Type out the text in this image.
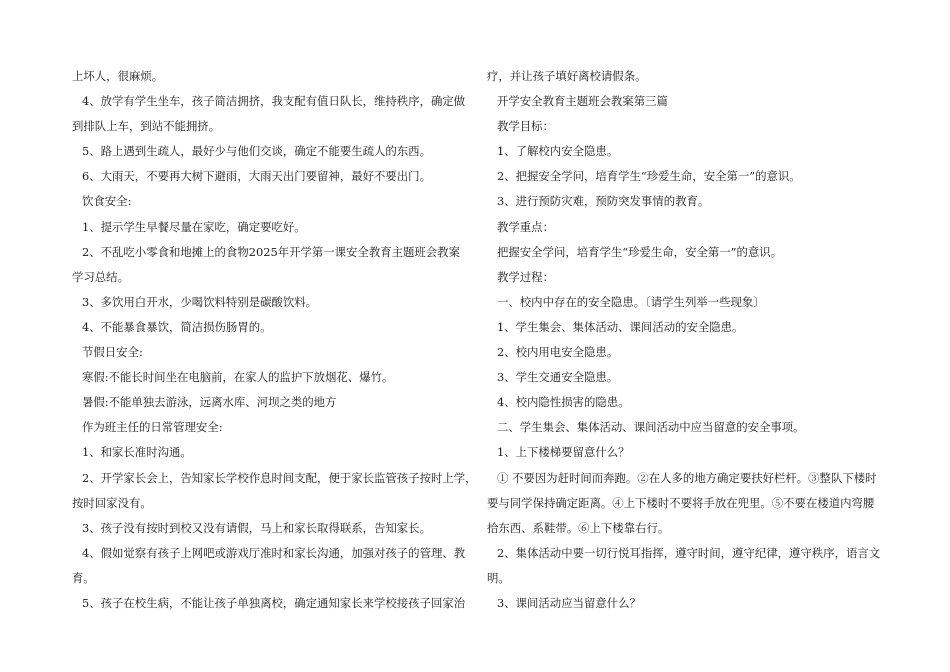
上坏人，很麻烦。
4、放学有学生坐车，孩子简洁拥挤，我支配有值日队长，维持秩序，确定做
到排队上车，到站不能拥挤。
5、路上遇到生疏人，最好少与他们交谈，确定不能要生疏人的东西。
6、大雨天，不要再大树下避雨，大雨天出门要留神，最好不要出门。
饮食安全:
1、提示学生早餐尽量在家吃，确定要吃好。
2、不乱吃小零食和地摊上的食物2025年开学第一课安全教育主题班会教案
学习总结。
3、多饮用白开水，少喝饮料特别是碳酸饮料。
4、不能暴食暴饮，简洁损伤肠胃的。
节假日安全:
寒假:不能长时间坐在电脑前，在家人的监护下放烟花、爆竹。
暑假:不能单独去游泳，远离水库、河坝之类的地方
作为班主任的日常管理安全:
1、和家长准时沟通。
2、开学家长会上，告知家长学校作息时间支配，便于家长监管孩子按时上学，
按时回家没有。
3、孩子没有按时到校又没有请假，马上和家长取得联系，告知家长。
4、假如觉察有孩子上网吧或游戏厅准时和家长沟通，加强对孩子的管理、教
育。
5、孩子在校生病，不能让孩子单独离校，确定通知家长来学校接孩子回家治
疗，并让孩子填好离校请假条。
开学安全教育主题班会教案第三篇
教学目标：
1、了解校内安全隐患。
2、把握安全学问，培育学生“珍爱生命，安全第一”的意识。
3、进行预防灾难，预防突发事情的教育。
教学重点：
把握安全学问，培育学生“珍爱生命，安全第一”的意识。
教学过程：
一、校内中存在的安全隐患。〔请学生列举一些现象〕
1、学生集会、集体活动、课间活动的安全隐患。
2、校内用电安全隐患。
3、学生交通安全隐患。
4、校内隐性损害的隐患。
二、学生集会、集体活动、课间活动中应当留意的安全事项。
1、上下楼梯要留意什么？
① 不要因为赶时间而奔跑。②在人多的地方确定要扶好栏杆。③整队下楼时
要与同学保持确定距离。④上下楼时不要将手放在兜里。⑤不要在楼道内弯腰
拾东西、系鞋带。⑥上下楼靠右行。
2、集体活动中要一切行悦耳指挥，遵守时间，遵守纪律，遵守秩序，语言文
明。
3、课间活动应当留意什么？
